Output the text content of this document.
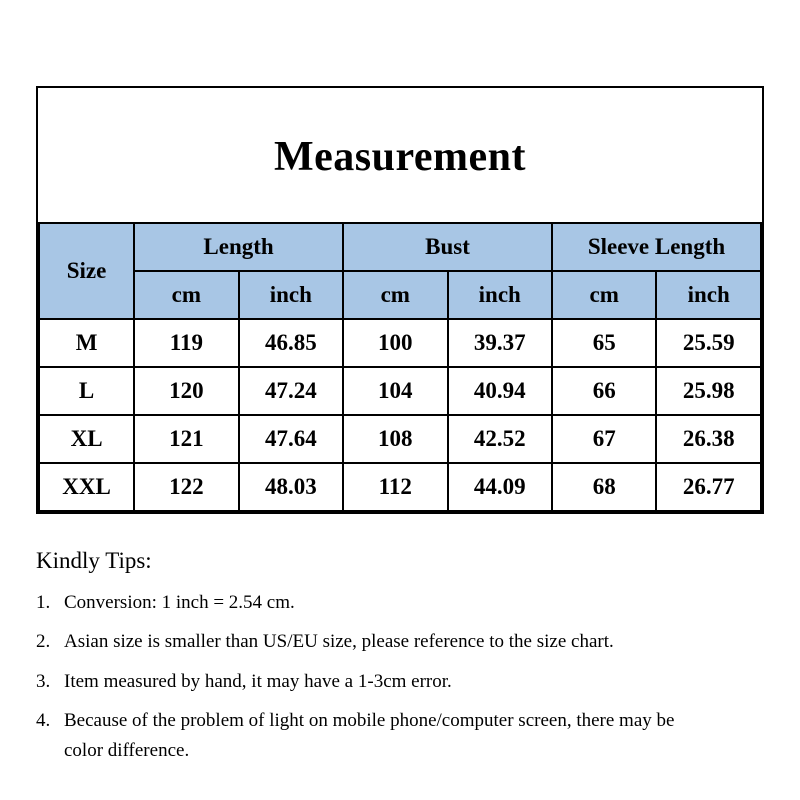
Measurement
Size	Length		Bust		Sleeve Length	
	cm	inch	cm	inch	cm	inch
M	119	46.85	100	39.37	65	25.59
L	120	47.24	104	40.94	66	25.98
XL	121	47.64	108	42.52	67	26.38
XXL	122	48.03	112	44.09	68	26.77
Kindly Tips:
1. Conversion: 1 inch = 2.54 cm.
2. Asian size is smaller than US/EU size, please reference to the size chart.
3. Item measured by hand, it may have a 1-3cm error.
4. Because of the problem of light on mobile phone/computer screen, there may be color difference.
